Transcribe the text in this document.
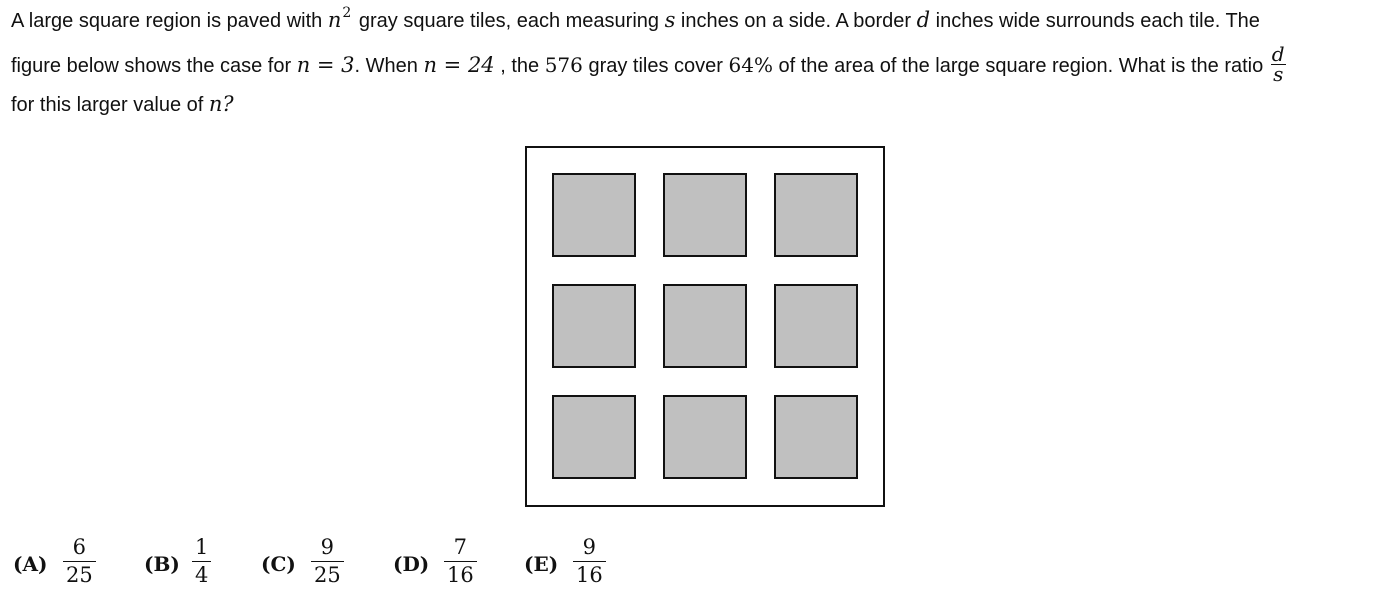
A large square region is paved with $n^2$ gray square tiles, each measuring s inches on a side. A border d inches wide surrounds each tile. The
figure below shows the case for n = 3. When n = 24 , the 576 gray tiles cover 64% of the area of the large square region. What is the ratio $\frac{d}{s}$
for this larger value of n?
$(A) \frac{6}{25} (B) \frac{1}{4} (C) \frac{9}{25} (D) \frac{7}{16} (E) \frac{9}{16}$
